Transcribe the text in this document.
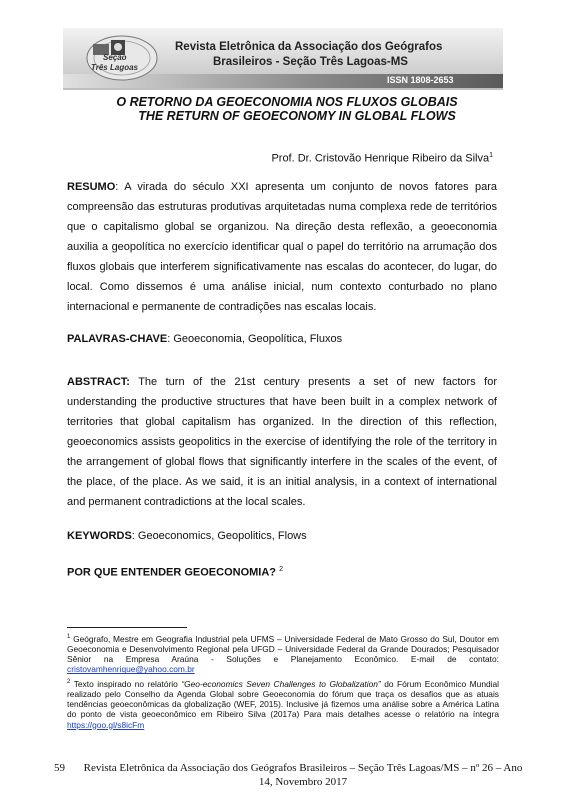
Seção
Três Lagoas
Revista Eletrônica da Associação dos Geógrafos
Brasileiros - Seção Três Lagoas-MS
ISSN 1808-2653
O RETORNO DA GEOECONOMIA NOS FLUXOS GLOBAIS
THE RETURN OF GEOECONOMY IN GLOBAL FLOWS
Prof. Dr. Cristovão Henrique Ribeiro da Silva$^1$
RESUMO: A virada do século XXI apresenta um conjunto de novos fatores para compreensão das estruturas produtivas arquitetadas numa complexa rede de territórios que o capitalismo global se organizou. Na direção desta reflexão, a geoeconomia auxilia a geopolítica no exercício identificar qual o papel do território na arrumação dos fluxos globais que interferem significativamente nas escalas do acontecer, do lugar, do local. Como dissemos é uma análise inicial, num contexto conturbado no plano internacional e permanente de contradições nas escalas locais.
PALAVRAS-CHAVE: Geoeconomia, Geopolítica, Fluxos
ABSTRACT: The turn of the 21st century presents a set of new factors for understanding the productive structures that have been built in a complex network of territories that global capitalism has organized. In the direction of this reflection, geoeconomics assists geopolitics in the exercise of identifying the role of the territory in the arrangement of global flows that significantly interfere in the scales of the event, of the place, of the place. As we said, it is an initial analysis, in a context of international and permanent contradictions at the local scales.
KEYWORDS: Geoeconomics, Geopolitics, Flows
POR QUE ENTENDER GEOECONOMIA? $^2$
$^1$ Geógrafo, Mestre em Geografia Industrial pela UFMS – Universidade Federal de Mato Grosso do Sul, Doutor em Geoeconomia e Desenvolvimento Regional pela UFGD – Universidade Federal da Grande Dourados; Pesquisador Sênior na Empresa Araúna - Soluções e Planejamento Econômico. E-mail de contato: cristovamhenrique@yahoo.com.br
$^2$ Texto inspirado no relatório “Geo-economics Seven Challenges to Globalization” do Fórum Econômico Mundial realizado pelo Conselho da Agenda Global sobre Geoeconomia do fórum que traça os desafios que as atuais tendências geoeconômicas da globalização (WEF, 2015). Inclusive já fizemos uma análise sobre a América Latina do ponto de vista geoeconômico em Ribeiro Silva (2017a) Para mais detalhes acesse o relatório na íntegra https://goo.gl/s8icFm
59	Revista Eletrônica da Associação dos Geógrafos Brasileiros – Seção Três Lagoas/MS – nº 26 – Ano 14, Novembro 2017
